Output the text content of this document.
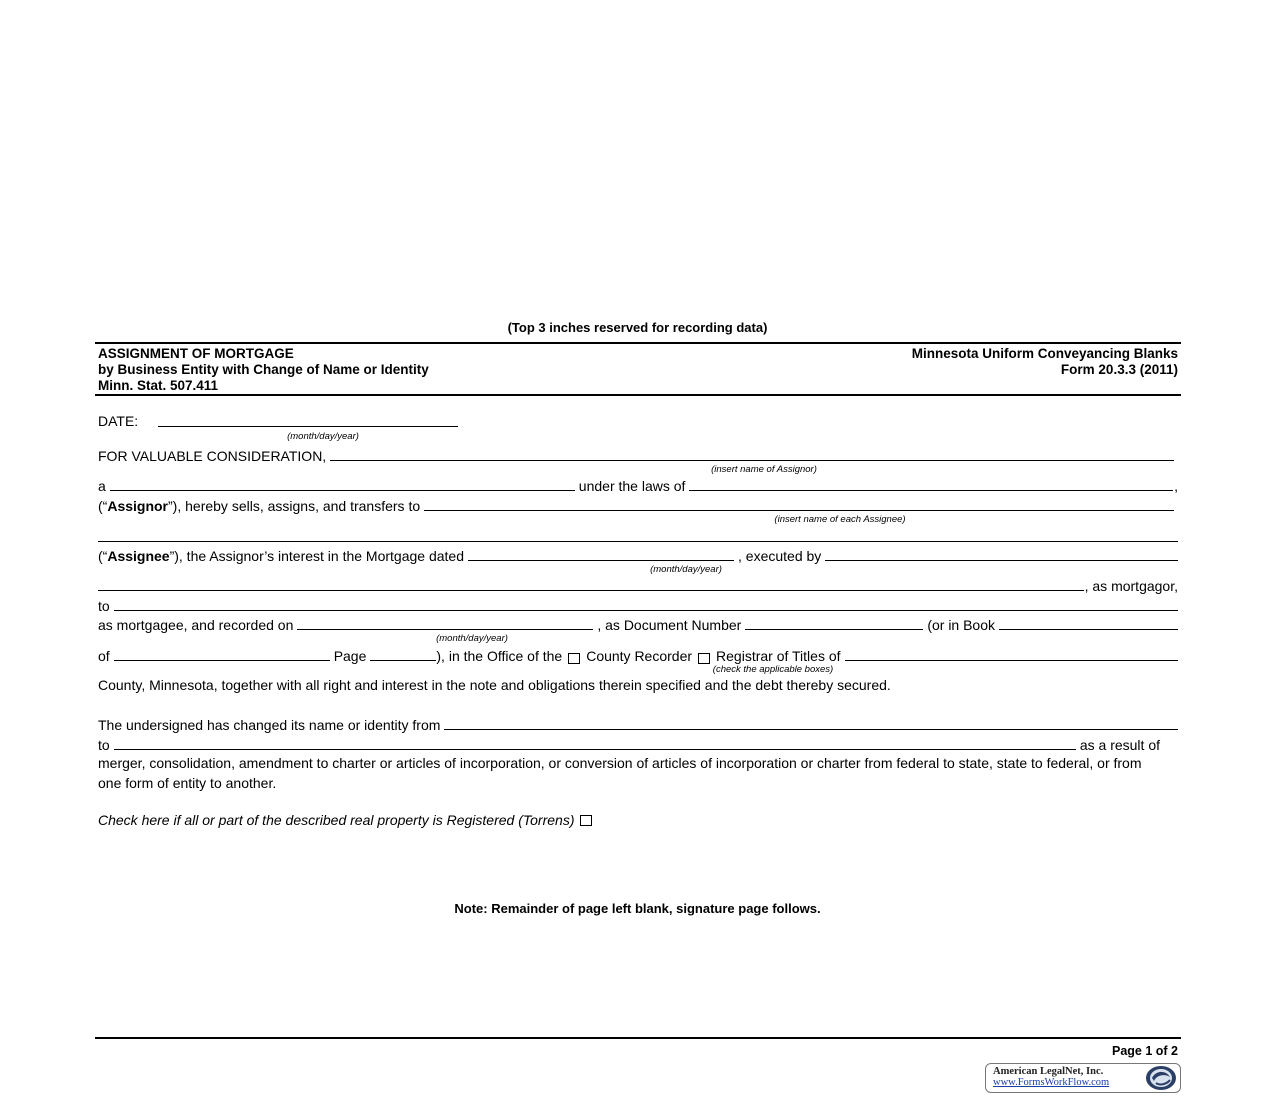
(Top 3 inches reserved for recording data)
ASSIGNMENT OF MORTGAGE
by Business Entity with Change of Name or Identity
Minn. Stat. 507.411
Minnesota Uniform Conveyancing Blanks
Form 20.3.3 (2011)
DATE:
(month/day/year)
FOR VALUABLE CONSIDERATION,
(insert name of Assignor)
a	under the laws of	,
(“Assignor”), hereby sells, assigns, and transfers to
(insert name of each Assignee)
(“Assignee”), the Assignor’s interest in the Mortgage dated	, executed by
(month/day/year)
, as mortgagor,
to
as mortgagee, and recorded on	, as Document Number	(or in Book
(month/day/year)
of	Page	), in the Office of the County Recorder Registrar of Titles of
(check the applicable boxes)
County, Minnesota, together with all right and interest in the note and obligations therein specified and the debt thereby secured.
The undersigned has changed its name or identity from
to	as a result of
merger, consolidation, amendment to charter or articles of incorporation, or conversion of articles of incorporation or charter from federal to state, state to federal, or from one form of entity to another.
Check here if all or part of the described real property is Registered (Torrens)
Note: Remainder of page left blank, signature page follows.
Page 1 of 2
American LegalNet, Inc.
www.FormsWorkFlow.com
